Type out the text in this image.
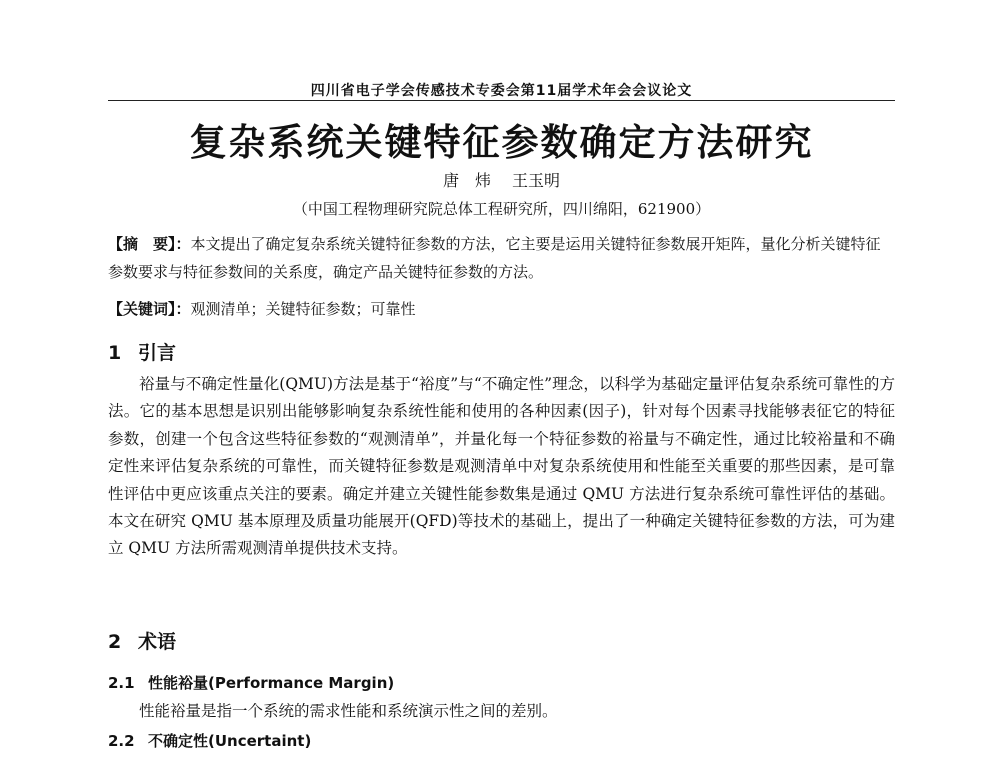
四川省电子学会传感技术专委会第11届学术年会会议论文
复杂系统关键特征参数确定方法研究
唐　炜 王玉明
（中国工程物理研究院总体工程研究所，四川绵阳，621900）
【摘　要】：本文提出了确定复杂系统关键特征参数的方法，它主要是运用关键特征参数展开矩阵，量化分析关键特征参数要求与特征参数间的关系度，确定产品关键特征参数的方法。
【关键词】：观测清单；关键特征参数；可靠性
1 引言
裕量与不确定性量化(QMU)方法是基于“裕度”与“不确定性”理念，以科学为基础定量评估复杂系统可靠性的方法。它的基本思想是识别出能够影响复杂系统性能和使用的各种因素(因子)，针对每个因素寻找能够表征它的特征参数，创建一个包含这些特征参数的“观测清单”，并量化每一个特征参数的裕量与不确定性，通过比较裕量和不确定性来评估复杂系统的可靠性，而关键特征参数是观测清单中对复杂系统使用和性能至关重要的那些因素，是可靠性评估中更应该重点关注的要素。确定并建立关键性能参数集是通过 QMU 方法进行复杂系统可靠性评估的基础。本文在研究 QMU 基本原理及质量功能展开(QFD)等技术的基础上，提出了一种确定关键特征参数的方法，可为建立 QMU 方法所需观测清单提供技术支持。
2 术语
2.1 性能裕量(Performance Margin)
性能裕量是指一个系统的需求性能和系统演示性之间的差别。
2.2 不确定性(Uncertaint)
